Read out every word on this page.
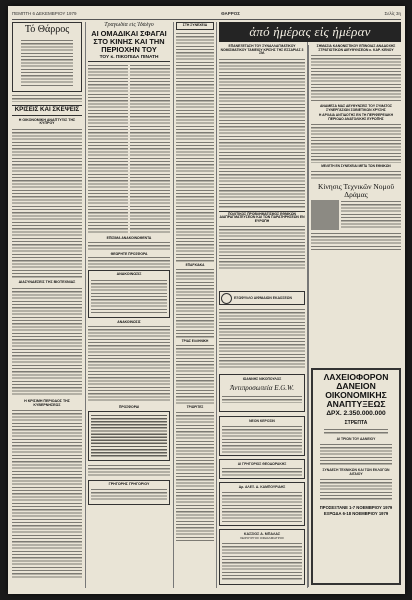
ΠΕΜΠΤΗ 6 ΔΕΚΕΜΒΡΙΟΥ 1979	ΘΑΡΡΟΣ	Σελίς 3η
Τό Θάρρος
ΚΡΙΣΕΙΣ ΚΑΙ ΣΚΕΨΕΙΣ
Η ΟΙΚΟΝΟΜΙΚΗ ΑΝΑΠΤΥΞΙΣ ΤΗΣ ΚΥΠΡΟΥ
ΔΙΑΣΥΝΔΕΣΕΙΣ ΤΗΣ ΒΙΟΤΕΧΝΙΑΣ
Η ΚΡΙΣΙΜΗ ΠΕΡΙΟΔΟΣ ΤΗΣ ΚΥΒΕΡΝΗΣΕΩΣ
Τραγωδία εἰς Ἰδάλγο
ΑΙ ΟΜΑΔΙΚΑΙ ΣΦΑΓΑΙ ΣΤΟ ΚΙΝΗΣ ΚΑΙ ΤΗΝ ΠΕΡΙΟΧΗΝ ΤΟΥ
ΤΟΥ κ. ΠΙΚΟΠΙΔΑ ΠΙΝΑΤΗ
ΕΠΙΣΙΜΑ ΑΝΑΚΟΙΝΩΘΕΝΤΑ
ΘΕΩΡΗΤΕ ΠΡΟΣΦΟΡΑ
ΑΝΑΚΟΙΝΩΣΙΣ
ΑΝΑΚΟΙΝΩΣΙΣ
ΠΡΟΣΦΟΡΑΙ
ΓΡΗΓΟΡΗΣ ΓΡΗΓΟΡΙΟΥ
ΣΤΗ ΣΥΝΕΧΕΙΑ
ΕΠΑΡΧΙΑΚΑ
ΤΡΙΑΣ ΕΛΛΗΝΙΚΗ
ΤΡΙΩΡΙΤΕΣ
ἀπό ἡμέρας εἰς ἡμέραν
ΕΠΑΝΕΞΕΤΑΣΗ ΤΟΥ ΣΥΝΑΛΛΑΓΜΑΤΙΚΟΥ ΝΟΜΙΣΜΑΤΙΚΟΥ ΤΑΜΕΙΟΥ ΚΡΙΣΗΣ ΤΗΣ ΕΣΣΑΡΙΑΣ 3 ΣΜ.
ΠΟΛΙΤΙΚΟΣ ΠΡΟΒΛΗΜΑΤΙΣΜΟΣ ΕΘΝΙΚΩΝ ΔΙΑΠΡΑΓΜΑΤΕΥΣΕΩΝ ΚΑΙ ΤΩΝ ΠΑΡΑΤΗΡΗΣΕΩΝ ΕΝ ΕΥΡΩΠΗ
ΣΗΜΑΣΙΑ ΚΑΝΟΝΙΣΤΙΚΟΥ ΕΠΙΝΟΙΑΣ ΑΝΑΔΟΧΗΣ ΣΤΡΑΤΙΩΤΙΚΩΝ ΔΙΕΥΘΥΝΣΕΩΝ κ. ΚΑΡ. ΚΕΝΟΥ
ΑΝΑΜΕΣΑ ΜΑΣ ΔΕΥΘΥΝΣΕΙΣ ΤΟΥ ΣΥΜΑΤΟΣ ΣΥΝΕΡΓΑΣΙΩΝ ΣΟΒΙΕΤΙΚΩΝ ΧΡΥΣΗΣ
Η ΑΡΧΑΙΑ ΑΝΤΙΔΟΤΗΣ ΕΝ ΤΗ ΠΕΡΙΦΕΡΕΙΑΚΗ ΠΕΡΙΟΔΟ ΑΝΑΤΟΛΙΚΗΣ ΕΥΡΩΠΗΣ
ΜΕΛΕΤΗ ΕΝ ΣΥΝΕΧΕΙΑΙ ΜΕΤΑ ΤΩΝ ΕΘΝΙΚΩΝ
Κίνησις Τεχνικῶν Νομοῦ Δράμας
ΕΞΩΦΥΛΛΟ ΑΙΦΝΙΔΙΩΝ ΕΚΔΟΣΕΩΝ
ΙΩΑΝΝΗΣ ΝΙΚΟΠΟΥΛΟΣ
Ἀντιπροσωπεία Ε.G.W.
ΝΕΟΝ ΚΕΡΟΣΙΝ
ΑΙ ΓΡΗΓΟΡΙΟΣ ΘΕΟΔΩΡΑΚΗΣ
Δρ. ΑΛΕΞ. Δ. ΚΑΜΠΟΥΡΙΔΗΣ
ΚΑΣΣΙΟΣ Α. ΜΠΑΛΑΣ
ΧΕΙΡΟΥΡΓΟΣ ΟΦΘΑΛΜΙΑΤΡΟΣ
ΛΑΧΕΙΟΦΟΡΟΝ
ΔΑΝΕΙΟΝ
ΟΙΚΟΝΟΜΙΚΗΣ
ΑΝΑΠΤΥΞΕΩΣ
ΔΡΧ. 2.350.000.000
ΣΤΡΕΠΤΑ
ΑΙ ΤΡΙΩΝ ΤΟΥ ΔΑΝΕΙΟΥ
ΣΥΝΔΕΣΗ ΤΕΧΝΙΚΩΝ ΚΑΙ ΤΩΝ ΕΚΛΟΓΩΝ ΑΙΓΑΙΟΥ
ΠΡΟΣΕΞΤΑΝΕ 1-7 ΝΟΕΜΒΡΙΟΥ 1979
ΕΞΡΩΔΑ 6-18 ΝΟΕΜΒΡΙΟΥ 1979
